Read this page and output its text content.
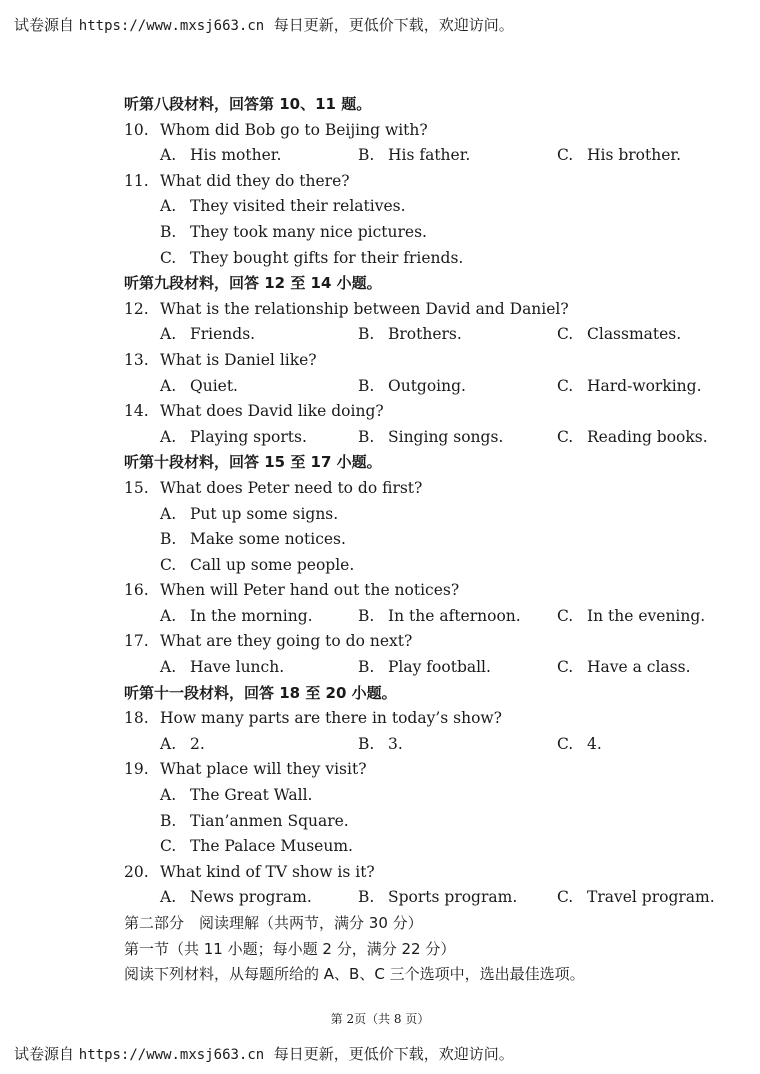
试卷源自 https://www.mxsj663.cn  每日更新，更低价下载，欢迎访问。
听第八段材料，回答第 10、11 题。
10. Whom did Bob go to Beijing with?
A. His mother.	B. His father.	C. His brother.
11. What did they do there?
A. They visited their relatives.
B. They took many nice pictures.
C. They bought gifts for their friends.
听第九段材料，回答 12 至 14 小题。
12. What is the relationship between David and Daniel?
A. Friends.	B. Brothers.	C. Classmates.
13. What is Daniel like?
A. Quiet.	B. Outgoing.	C. Hard-working.
14. What does David like doing?
A. Playing sports.	B. Singing songs.	C. Reading books.
听第十段材料，回答 15 至 17 小题。
15. What does Peter need to do first?
A. Put up some signs.
B. Make some notices.
C. Call up some people.
16. When will Peter hand out the notices?
A. In the morning.	B. In the afternoon. C. In the evening.
17. What are they going to do next?
A. Have lunch.	B. Play football.	C. Have a class.
听第十一段材料，回答 18 至 20 小题。
18. How many parts are there in today’s show?
A. 2.	B. 3.	C. 4.
19. What place will they visit?
A. The Great Wall.
B. Tian’anmen Square.
C. The Palace Museum.
20. What kind of TV show is it?
A. News program.	B. Sports program.	C. Travel program.
第二部分　阅读理解（共两节，满分 30 分）
第一节（共 11 小题；每小题 2 分，满分 22 分）
阅读下列材料，从每题所给的 A、B、C 三个选项中，选出最佳选项。
第 2页（共 8 页）
试卷源自 https://www.mxsj663.cn  每日更新，更低价下载，欢迎访问。
